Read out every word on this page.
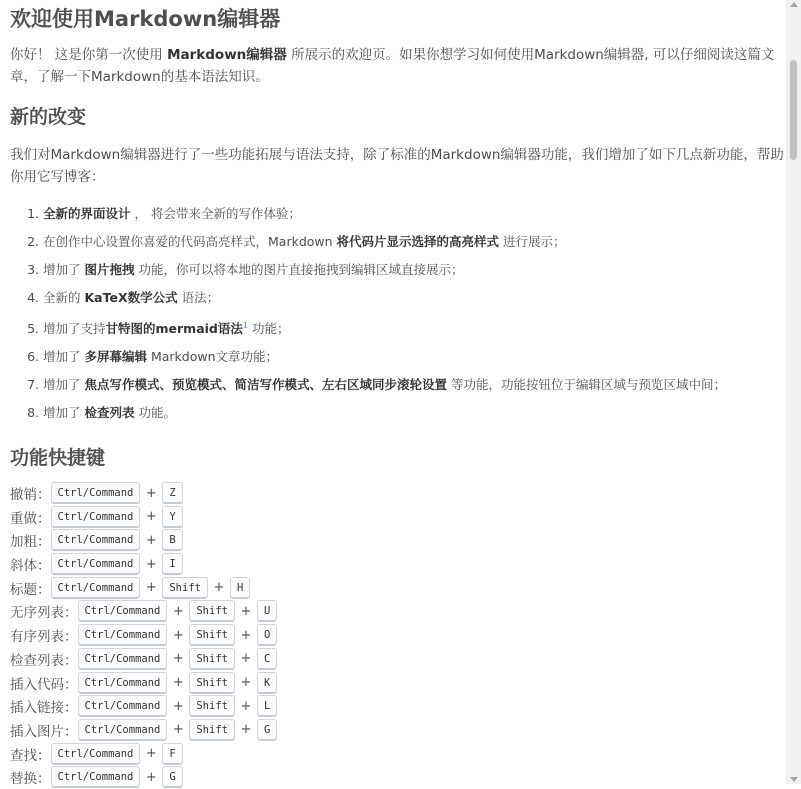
欢迎使用Markdown编辑器

你好！ 这是你第一次使用 Markdown编辑器 所展示的欢迎页。如果你想学习如何使用Markdown编辑器, 可以仔细阅读这篇文章，了解一下Markdown的基本语法知识。

新的改变

我们对Markdown编辑器进行了一些功能拓展与语法支持，除了标准的Markdown编辑器功能，我们增加了如下几点新功能，帮助你用它写博客：

1. 全新的界面设计 ， 将会带来全新的写作体验；
2. 在创作中心设置你喜爱的代码高亮样式，Markdown 将代码片显示选择的高亮样式 进行展示；
3. 增加了 图片拖拽 功能，你可以将本地的图片直接拖拽到编辑区域直接展示；
4. 全新的 KaTeX数学公式 语法；
5. 增加了支持甘特图的mermaid语法$^1$ 功能；
6. 增加了 多屏幕编辑 Markdown文章功能；
7. 增加了 焦点写作模式、预览模式、简洁写作模式、左右区域同步滚轮设置 等功能，功能按钮位于编辑区域与预览区域中间；
8. 增加了 检查列表 功能。
功能快捷键
撤销： Ctrl/Command +	Z
重做： Ctrl/Command +	Y
加粗： Ctrl/Command +	B
斜体： Ctrl/Command +	I
标题： Ctrl/Command +	Shift +	H
无序列表： Ctrl/Command +	Shift +	U
有序列表： Ctrl/Command +	Shift +	O
检查列表： Ctrl/Command +	Shift +	C
插入代码： Ctrl/Command +	Shift +	K
插入链接： Ctrl/Command +	Shift +	L
插入图片： Ctrl/Command +	Shift +	G
查找： Ctrl/Command +	F
替换： Ctrl/Command +	G
